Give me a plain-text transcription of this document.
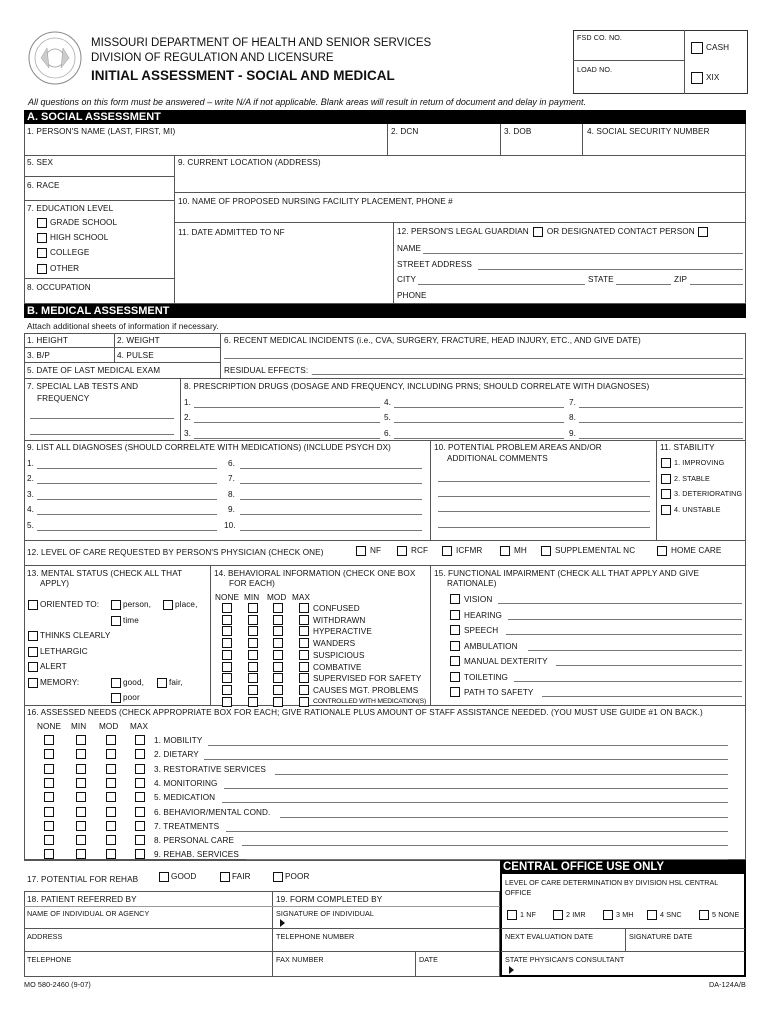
MISSOURI DEPARTMENT OF HEALTH AND SENIOR SERVICES
DIVISION OF REGULATION AND LICENSURE
INITIAL ASSESSMENT - SOCIAL AND MEDICAL
FSD CO. NO.
LOAD NO.
CASH
XIX
All questions on this form must be answered – write N/A if not applicable. Blank areas will result in return of document and delay in payment.
A. SOCIAL ASSESSMENT
1. PERSON'S NAME (LAST, FIRST, MI)	2. DCN	3. DOB	4. SOCIAL SECURITY NUMBER
5. SEX	9. CURRENT LOCATION (ADDRESS)
6. RACE
10. NAME OF PROPOSED NURSING FACILITY PLACEMENT, PHONE #
7. EDUCATION LEVEL
GRADE SCHOOL
HIGH SCHOOL
COLLEGE
OTHER
8. OCCUPATION
11. DATE ADMITTED TO NF	12. PERSON'S LEGAL GUARDIAN OR DESIGNATED CONTACT PERSON
NAME
STREET ADDRESS
CITY	STATE	ZIP
PHONE
B. MEDICAL ASSESSMENT
Attach additional sheets of information if necessary.
1. HEIGHT	2. WEIGHT	6. RECENT MEDICAL INCIDENTS (i.e., CVA, SURGERY, FRACTURE, HEAD INJURY, ETC., AND GIVE DATE)
3. B/P	4. PULSE
5. DATE OF LAST MEDICAL EXAM	RESIDUAL EFFECTS:
7. SPECIAL LAB TESTS AND
FREQUENCY
8. PRESCRIPTION DRUGS (DOSAGE AND FREQUENCY, INCLUDING PRNS; SHOULD CORRELATE WITH DIAGNOSES)
1.
2.
3.
4.
5.
6.
7.
8.
9.
9. LIST ALL DIAGNOSES (SHOULD CORRELATE WITH MEDICATIONS) (INCLUDE PSYCH DX)
1.
2.
3.
4.
5.
6.
7.
8.
9.
10.
10. POTENTIAL PROBLEM AREAS AND/OR
ADDITIONAL COMMENTS
11. STABILITY
1. IMPROVING
2. STABLE
3. DETERIORATING
4. UNSTABLE
12. LEVEL OF CARE REQUESTED BY PERSON'S PHYSICIAN (CHECK ONE)	NF	RCF	ICFMR	MH	SUPPLEMENTAL NC	HOME CARE
13. MENTAL STATUS (CHECK ALL THAT
APPLY)
ORIENTED TO:	person,	place,
time
THINKS CLEARLY
LETHARGIC
ALERT
MEMORY:	good,	fair,
poor
14. BEHAVIORAL INFORMATION (CHECK ONE BOX
FOR EACH)
NONE MIN MOD MAX
CONFUSED
WITHDRAWN
HYPERACTIVE
WANDERS
SUSPICIOUS
COMBATIVE
SUPERVISED FOR SAFETY
CAUSES MGT. PROBLEMS
CONTROLLED WITH MEDICATION(S)
15. FUNCTIONAL IMPAIRMENT (CHECK ALL THAT APPLY AND GIVE
RATIONALE)
VISION
HEARING
SPEECH
AMBULATION
MANUAL DEXTERITY
TOILETING
PATH TO SAFETY
16. ASSESSED NEEDS (CHECK APPROPRIATE BOX FOR EACH; GIVE RATIONALE PLUS AMOUNT OF STAFF ASSISTANCE NEEDED. (YOU MUST USE GUIDE #1 ON BACK.)
NONE MIN MOD MAX
1. MOBILITY
2. DIETARY
3. RESTORATIVE SERVICES
4. MONITORING
5. MEDICATION
6. BEHAVIOR/MENTAL COND.
7. TREATMENTS
8. PERSONAL CARE
9. REHAB. SERVICES
17. POTENTIAL FOR REHAB	GOOD	FAIR	POOR
18. PATIENT REFERRED BY
NAME OF INDIVIDUAL OR AGENCY
19. FORM COMPLETED BY
SIGNATURE OF INDIVIDUAL
ADDRESS	TELEPHONE NUMBER
TELEPHONE	FAX NUMBER	DATE
CENTRAL OFFICE USE ONLY
LEVEL OF CARE DETERMINATION BY DIVISION HSL CENTRAL OFFICE
1 NF	2 IMR	3 MH	4 SNC	5 NONE
NEXT EVALUATION DATE	SIGNATURE DATE
STATE PHYSICAN'S CONSULTANT
MO 580-2460 (9-07)	DA-124A/B
